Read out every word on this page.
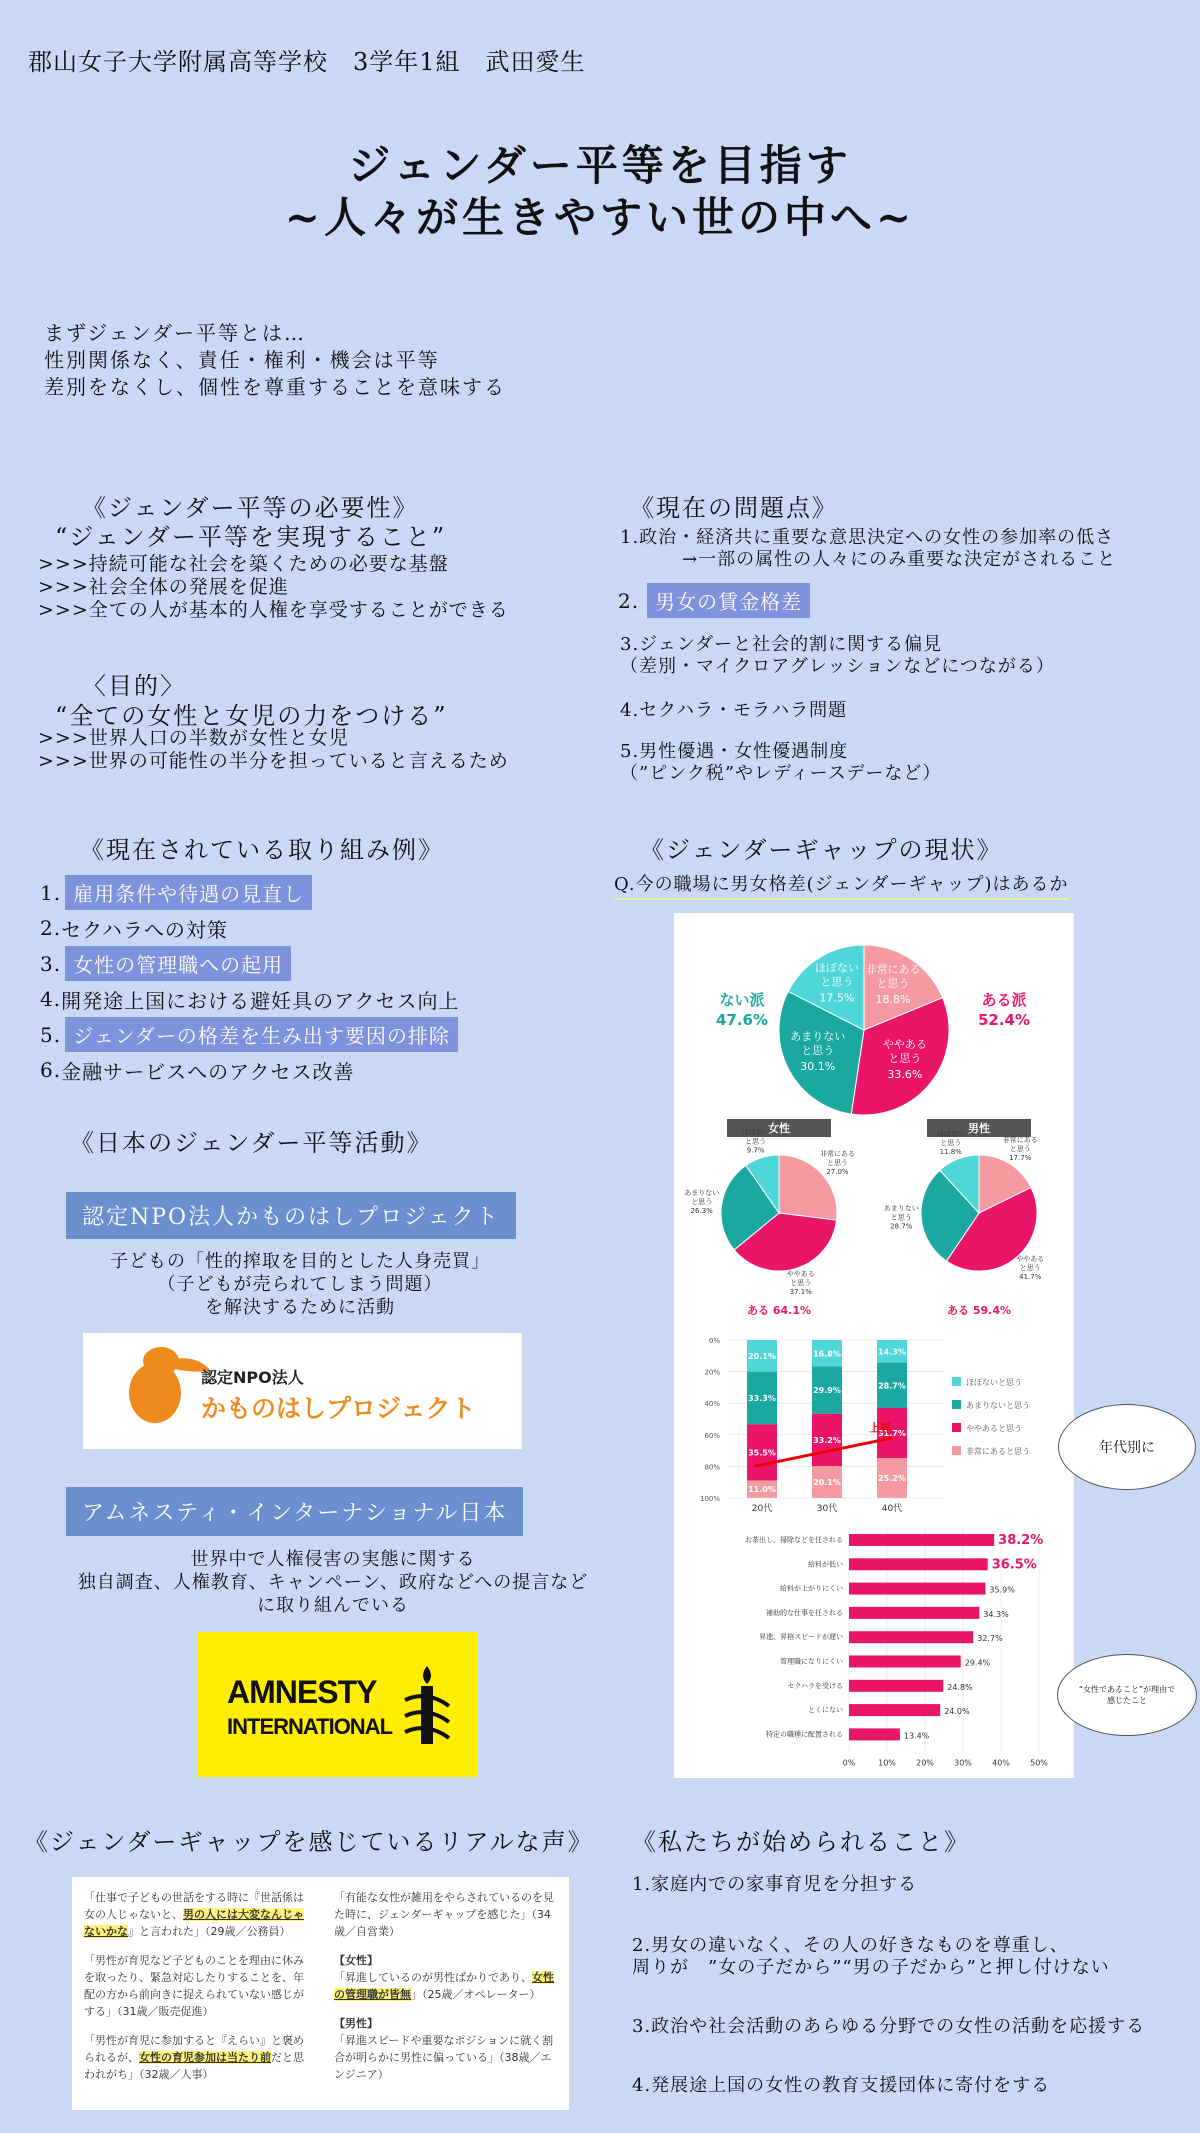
郡山女子大学附属高等学校　3学年1組　武田愛生
ジェンダー平等を目指す
~人々が生きやすい世の中へ~
まずジェンダー平等とは…
性別関係なく、責任・権利・機会は平等
差別をなくし、個性を尊重することを意味する
《ジェンダー平等の必要性》
“ジェンダー平等を実現すること”
>>>持続可能な社会を築くための必要な基盤
>>>社会全体の発展を促進
>>>全ての人が基本的人権を享受することができる
〈目的〉
“全ての女性と女児の力をつける”
>>>世界人口の半数が女性と女児
>>>世界の可能性の半分を担っていると言えるため
《現在の問題点》
1.政治・経済共に重要な意思決定への女性の参加率の低さ
→一部の属性の人々にのみ重要な決定がされること
2. 男女の賃金格差
3.ジェンダーと社会的割に関する偏見
（差別・マイクロアグレッションなどにつながる）
4.セクハラ・モラハラ問題
5.男性優遇・女性優遇制度
（”ピンク税”やレディースデーなど）
《現在されている取り組み例》
1. 雇用条件や待遇の見直し
2. セクハラへの対策
3. 女性の管理職への起用
4. 開発途上国における避妊具のアクセス向上
5. ジェンダーの格差を生み出す要因の排除
6. 金融サービスへのアクセス改善
《日本のジェンダー平等活動》
認定NPO法人かものはしプロジェクト
子どもの「性的搾取を目的とした人身売買」
（子どもが売られてしまう問題）
を解決するために活動
認定NPO法人
かものはしプロジェクト
アムネスティ・インターナショナル日本
世界中で人権侵害の実態に関する
独自調査、人権教育、キャンペーン、政府などへの提言など
に取り組んでいる
AMNESTY
INTERNATIONAL
《ジェンダーギャップの現状》
Q.今の職場に男女格差(ジェンダーギャップ)はあるか
非常にある
と思う
18.8%
ややある
と思う
33.6%
あまりない
と思う
30.1%
ほぼない
と思う
17.5%
ない派
47.6%
ある派
52.4%
女性
非常にある
と思う
27.0%
ややある
と思う
37.1%
あまりない
と思う
26.3%
ほぼない
と思う
9.7%
ある 64.1%
男性
非常にある
と思う
17.7%
ややある
と思う
41.7%
あまりない
と思う
28.7%
ほぼない
と思う
11.8%
ある 59.4%
0%
20%
40%
60%
80%
100%
20.1%
33.3%
35.5%
11.0%
20代
16.8%
29.9%
33.2%
20.1%
30代
14.3%
28.7%
31.7%
25.2%
40代
上昇
ほぼないと思う
あまりないと思う
ややあると思う
非常にあると思う
0%	10%	20%	30%	40%	50%
お茶出し、掃除などを任される	38.2%
給料が低い	36.5%
給料が上がりにくい	35.9%
補助的な仕事を任される	34.3%
昇進、昇格スピードが遅い	32.7%
管理職になりにくい	29.4%
セクハラを受ける	24.8%
とくにない	24.0%
特定の職種に配置される	13.4%
年代別に
“女性であること”が理由で
感じたこと
《ジェンダーギャップを感じているリアルな声》

「仕事で子どもの世話をする時に『世話係は女の人じゃないと、男の人には大変なんじゃないかな』と言われた」（29歳／公務員）

「男性が育児など子どものことを理由に休みを取ったり、緊急対応したりすることを、年配の方から前向きに捉えられていない感じがする」（31歳／販売促進）

「男性が育児に参加すると『えらい』と褒められるが、女性の育児参加は当たり前だと思われがち」（32歳／人事）

「有能な女性が雑用をやらされているのを見た時に、ジェンダーギャップを感じた」（34歳／自営業）

【女性】

「昇進しているのが男性ばかりであり、女性の管理職が皆無」（25歳／オペレーター）

【男性】

「昇進スピードや重要なポジションに就く割合が明らかに男性に偏っている」（38歳／エンジニア）

《私たちが始められること》
1.家庭内での家事育児を分担する
2.男女の違いなく、その人の好きなものを尊重し、
周りが　”女の子だから”“男の子だから”と押し付けない
3.政治や社会活動のあらゆる分野での女性の活動を応援する
4.発展途上国の女性の教育支援団体に寄付をする
